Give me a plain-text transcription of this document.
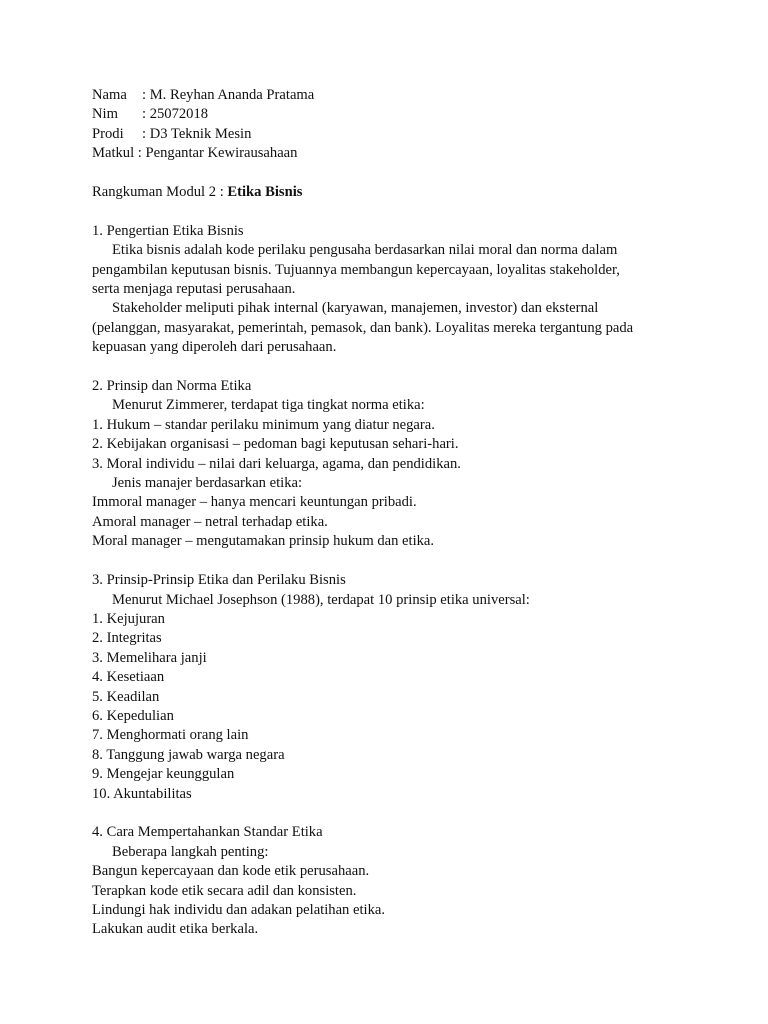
Nama	: M. Reyhan Ananda Pratama
Nim	: 25072018
Prodi	: D3 Teknik Mesin
Matkul : Pengantar Kewirausahaan
Rangkuman Modul 2 : Etika Bisnis
1. Pengertian Etika Bisnis
Etika bisnis adalah kode perilaku pengusaha berdasarkan nilai moral dan norma dalam
pengambilan keputusan bisnis. Tujuannya membangun kepercayaan, loyalitas stakeholder,
serta menjaga reputasi perusahaan.
Stakeholder meliputi pihak internal (karyawan, manajemen, investor) dan eksternal
(pelanggan, masyarakat, pemerintah, pemasok, dan bank). Loyalitas mereka tergantung pada
kepuasan yang diperoleh dari perusahaan.
2. Prinsip dan Norma Etika
Menurut Zimmerer, terdapat tiga tingkat norma etika:
1. Hukum – standar perilaku minimum yang diatur negara.
2. Kebijakan organisasi – pedoman bagi keputusan sehari-hari.
3. Moral individu – nilai dari keluarga, agama, dan pendidikan.
Jenis manajer berdasarkan etika:
Immoral manager – hanya mencari keuntungan pribadi.
Amoral manager – netral terhadap etika.
Moral manager – mengutamakan prinsip hukum dan etika.
3. Prinsip-Prinsip Etika dan Perilaku Bisnis
Menurut Michael Josephson (1988), terdapat 10 prinsip etika universal:
1. Kejujuran
2. Integritas
3. Memelihara janji
4. Kesetiaan
5. Keadilan
6. Kepedulian
7. Menghormati orang lain
8. Tanggung jawab warga negara
9. Mengejar keunggulan
10. Akuntabilitas
4. Cara Mempertahankan Standar Etika
Beberapa langkah penting:
Bangun kepercayaan dan kode etik perusahaan.
Terapkan kode etik secara adil dan konsisten.
Lindungi hak individu dan adakan pelatihan etika.
Lakukan audit etika berkala.
